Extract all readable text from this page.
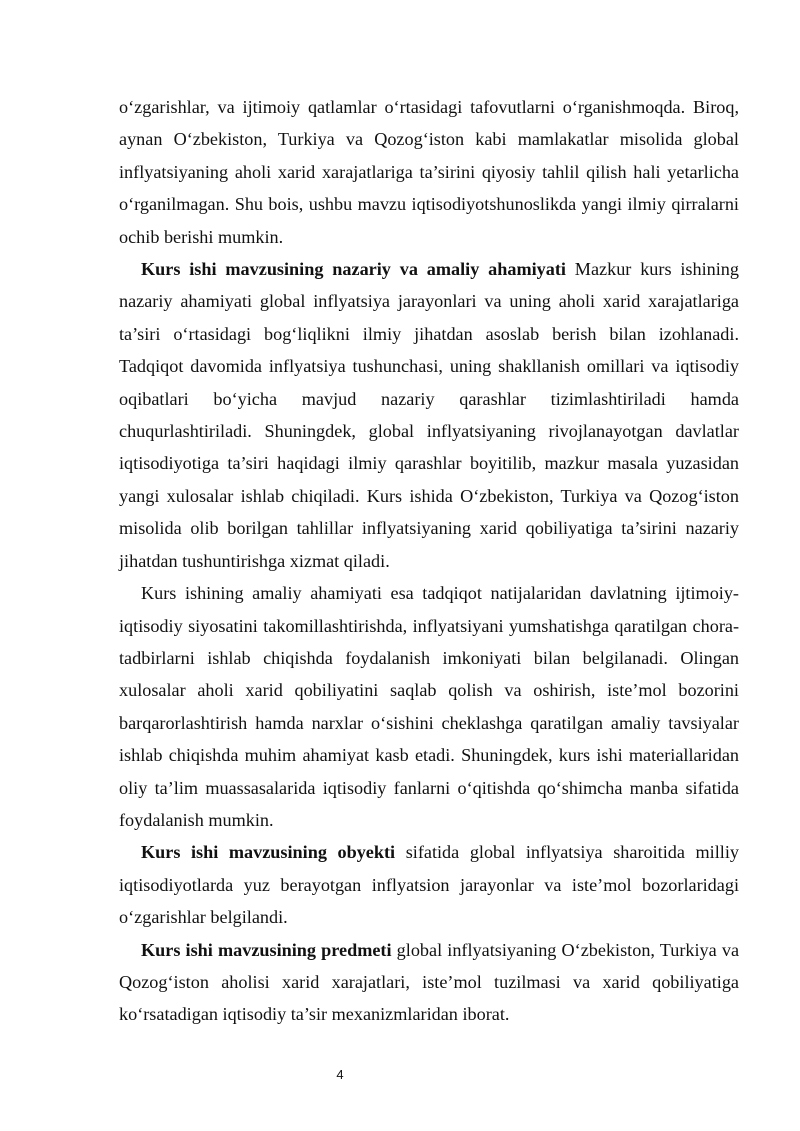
o‘zgarishlar, va ijtimoiy qatlamlar o‘rtasidagi tafovutlarni o‘rganishmoqda. Biroq, aynan O‘zbekiston, Turkiya va Qozog‘iston kabi mamlakatlar misolida global inflyatsiyaning aholi xarid xarajatlariga ta’sirini qiyosiy tahlil qilish hali yetarlicha o‘rganilmagan. Shu bois, ushbu mavzu iqtisodiyotshunoslikda yangi ilmiy qirralarni ochib berishi mumkin.

Kurs ishi mavzusining nazariy va amaliy ahamiyati Mazkur kurs ishining nazariy ahamiyati global inflyatsiya jarayonlari va uning aholi xarid xarajatlariga ta’siri o‘rtasidagi bog‘liqlikni ilmiy jihatdan asoslab berish bilan izohlanadi. Tadqiqot davomida inflyatsiya tushunchasi, uning shakllanish omillari va iqtisodiy oqibatlari bo‘yicha mavjud nazariy qarashlar tizimlashtiriladi hamda chuqurlashtiriladi. Shuningdek, global inflyatsiyaning rivojlanayotgan davlatlar iqtisodiyotiga ta’siri haqidagi ilmiy qarashlar boyitilib, mazkur masala yuzasidan yangi xulosalar ishlab chiqiladi. Kurs ishida O‘zbekiston, Turkiya va Qozog‘iston misolida olib borilgan tahlillar inflyatsiyaning xarid qobiliyatiga ta’sirini nazariy jihatdan tushuntirishga xizmat qiladi.

Kurs ishining amaliy ahamiyati esa tadqiqot natijalaridan davlatning ijtimoiy-iqtisodiy siyosatini takomillashtirishda, inflyatsiyani yumshatishga qaratilgan chora-tadbirlarni ishlab chiqishda foydalanish imkoniyati bilan belgilanadi. Olingan xulosalar aholi xarid qobiliyatini saqlab qolish va oshirish, iste’mol bozorini barqarorlashtirish hamda narxlar o‘sishini cheklashga qaratilgan amaliy tavsiyalar ishlab chiqishda muhim ahamiyat kasb etadi. Shuningdek, kurs ishi materiallaridan oliy ta’lim muassasalarida iqtisodiy fanlarni o‘qitishda qo‘shimcha manba sifatida foydalanish mumkin.

Kurs ishi mavzusining obyekti sifatida global inflyatsiya sharoitida milliy iqtisodiyotlarda yuz berayotgan inflyatsion jarayonlar va iste’mol bozorlaridagi o‘zgarishlar belgilandi.

Kurs ishi mavzusining predmeti global inflyatsiyaning O‘zbekiston, Turkiya va Qozog‘iston aholisi xarid xarajatlari, iste’mol tuzilmasi va xarid qobiliyatiga ko‘rsatadigan iqtisodiy ta’sir mexanizmlaridan iborat.

4
